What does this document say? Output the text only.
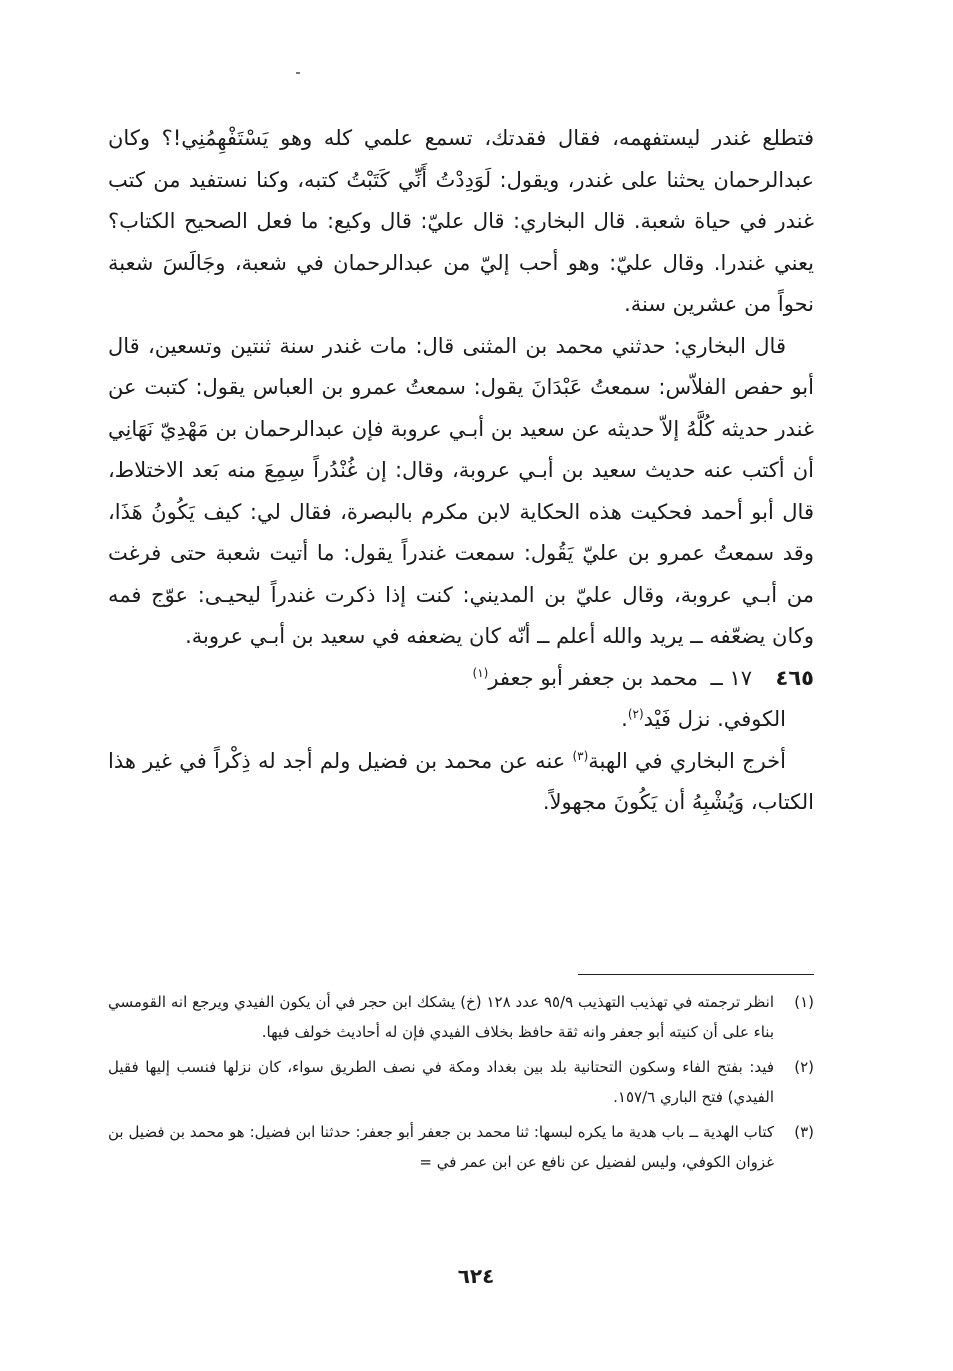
فتطلع غندر ليستفهمه، فقال فقدتك، تسمع علمي كله وهو يَسْتَفْهِمُنِي!؟ وكان عبدالرحمان يحثنا على غندر، ويقول: لَوَدِدْتُ أَنِّي كَتَبْتُ كتبه، وكنا نستفيد من كتب غندر في حياة شعبة. قال البخاري: قال عليّ: قال وكيع: ما فعل الصحيح الكتاب؟ يعني غندرا. وقال عليّ: وهو أحب إليّ من عبدالرحمان في شعبة، وجَالَسَ شعبة نحواً من عشرين سنة.

قال البخاري: حدثني محمد بن المثنى قال: مات غندر سنة ثنتين وتسعين، قال أبو حفص الفلاّس: سمعتُ عَبْدَانَ يقول: سمعتُ عمرو بن العباس يقول: كتبت عن غندر حديثه كُلَّهُ إلاّ حديثه عن سعيد بن أبـي عروبة فإن عبدالرحمان بن مَهْدِيّ نَهَانِي أن أكتب عنه حديث سعيد بن أبـي عروبة، وقال: إن غُنْدُراً سِمِعَ منه بَعد الاختلاط، قال أبو أحمد فحكيت هذه الحكاية لابن مكرم بالبصرة، فقال لي: كيف يَكُونُ هَذَا، وقد سمعتُ عمرو بن عليّ يَقُول: سمعت غندراً يقول: ما أتيت شعبة حتى فرغت من أبـي عروبة، وقال عليّ بن المديني: كنت إذا ذكرت غندراً ليحيـى: عوّج فمه وكان يضعّفه ــ يريد والله أعلم ــ أنّه كان يضعفه في سعيد بن أبـي عروبة.

٤٦٥
١٧ ــ
محمد بن جعفر أبو جعفر$^{(١)}$

الكوفي. نزل فَيْد$^{(٢)}$.

أخرج البخاري في الهبة$^{(٣)}$ عنه عن محمد بن فضيل ولم أجد له ذِكْراً في غير هذا الكتاب، وَيُشْبِهُ أن يَكُونَ مجهولاً.

(١)
انظر ترجمته في تهذيب التهذيب ٩٥/٩ عدد ١٢٨ (خ) يشكك ابن حجر في أن يكون الفيدي ويرجع انه القومسي بناء على أن كنيته أبو جعفر وانه ثقة حافظ بخلاف الفيدي فإن له أحاديث خولف فيها.
(٢)
فيد: بفتح الفاء وسكون التحتانية بلد بين بغداد ومكة في نصف الطريق سواء، كان نزلها فنسب إليها فقيل الفيدي) فتح الباري ١٥٧/٦.
(٣)
كتاب الهدية ــ باب هدية ما يكره لبسها: ثنا محمد بن جعفر أبو جعفر: حدثنا ابن فضيل: هو محمد بن فضيل بن غزوان الكوفي، وليس لفضيل عن نافع عن ابن عمر في =
٦٢٤
